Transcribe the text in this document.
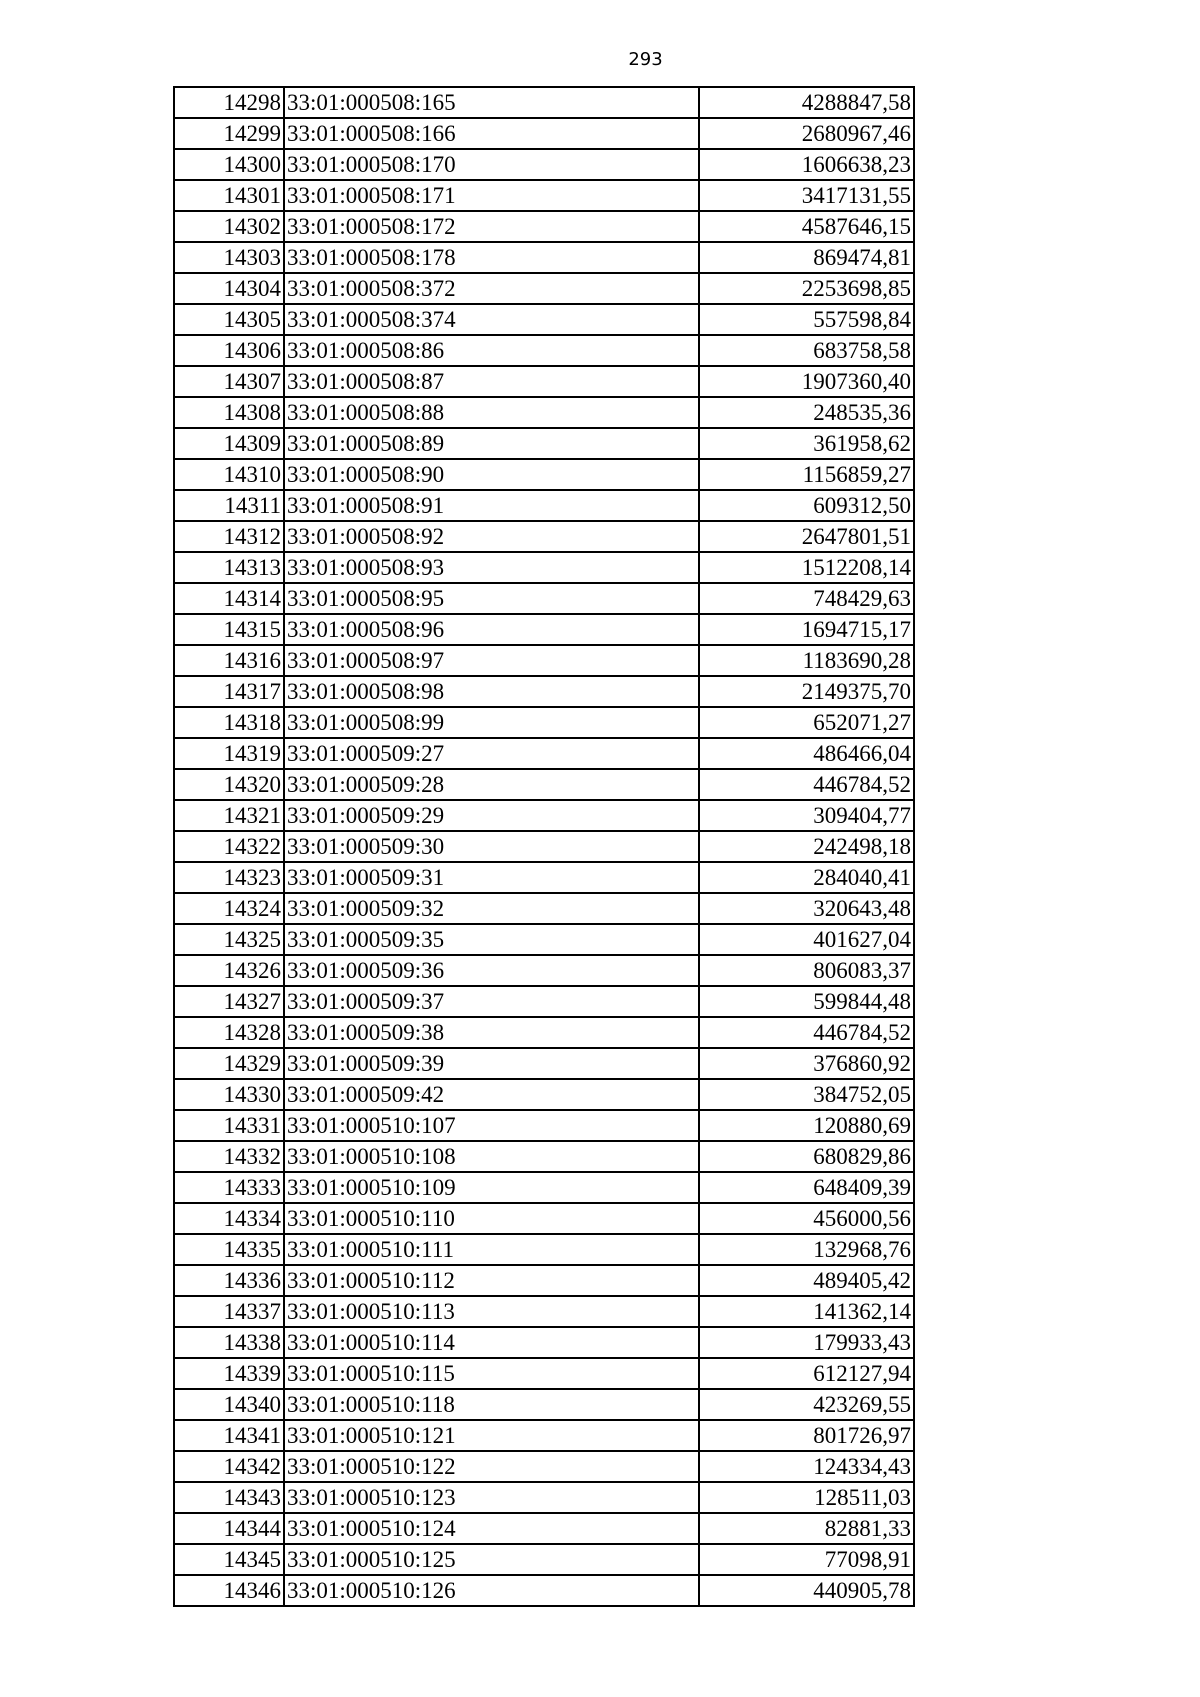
293
14298	33:01:000508:165	4288847,58
14299	33:01:000508:166	2680967,46
14300	33:01:000508:170	1606638,23
14301	33:01:000508:171	3417131,55
14302	33:01:000508:172	4587646,15
14303	33:01:000508:178	869474,81
14304	33:01:000508:372	2253698,85
14305	33:01:000508:374	557598,84
14306	33:01:000508:86	683758,58
14307	33:01:000508:87	1907360,40
14308	33:01:000508:88	248535,36
14309	33:01:000508:89	361958,62
14310	33:01:000508:90	1156859,27
14311	33:01:000508:91	609312,50
14312	33:01:000508:92	2647801,51
14313	33:01:000508:93	1512208,14
14314	33:01:000508:95	748429,63
14315	33:01:000508:96	1694715,17
14316	33:01:000508:97	1183690,28
14317	33:01:000508:98	2149375,70
14318	33:01:000508:99	652071,27
14319	33:01:000509:27	486466,04
14320	33:01:000509:28	446784,52
14321	33:01:000509:29	309404,77
14322	33:01:000509:30	242498,18
14323	33:01:000509:31	284040,41
14324	33:01:000509:32	320643,48
14325	33:01:000509:35	401627,04
14326	33:01:000509:36	806083,37
14327	33:01:000509:37	599844,48
14328	33:01:000509:38	446784,52
14329	33:01:000509:39	376860,92
14330	33:01:000509:42	384752,05
14331	33:01:000510:107	120880,69
14332	33:01:000510:108	680829,86
14333	33:01:000510:109	648409,39
14334	33:01:000510:110	456000,56
14335	33:01:000510:111	132968,76
14336	33:01:000510:112	489405,42
14337	33:01:000510:113	141362,14
14338	33:01:000510:114	179933,43
14339	33:01:000510:115	612127,94
14340	33:01:000510:118	423269,55
14341	33:01:000510:121	801726,97
14342	33:01:000510:122	124334,43
14343	33:01:000510:123	128511,03
14344	33:01:000510:124	82881,33
14345	33:01:000510:125	77098,91
14346	33:01:000510:126	440905,78
